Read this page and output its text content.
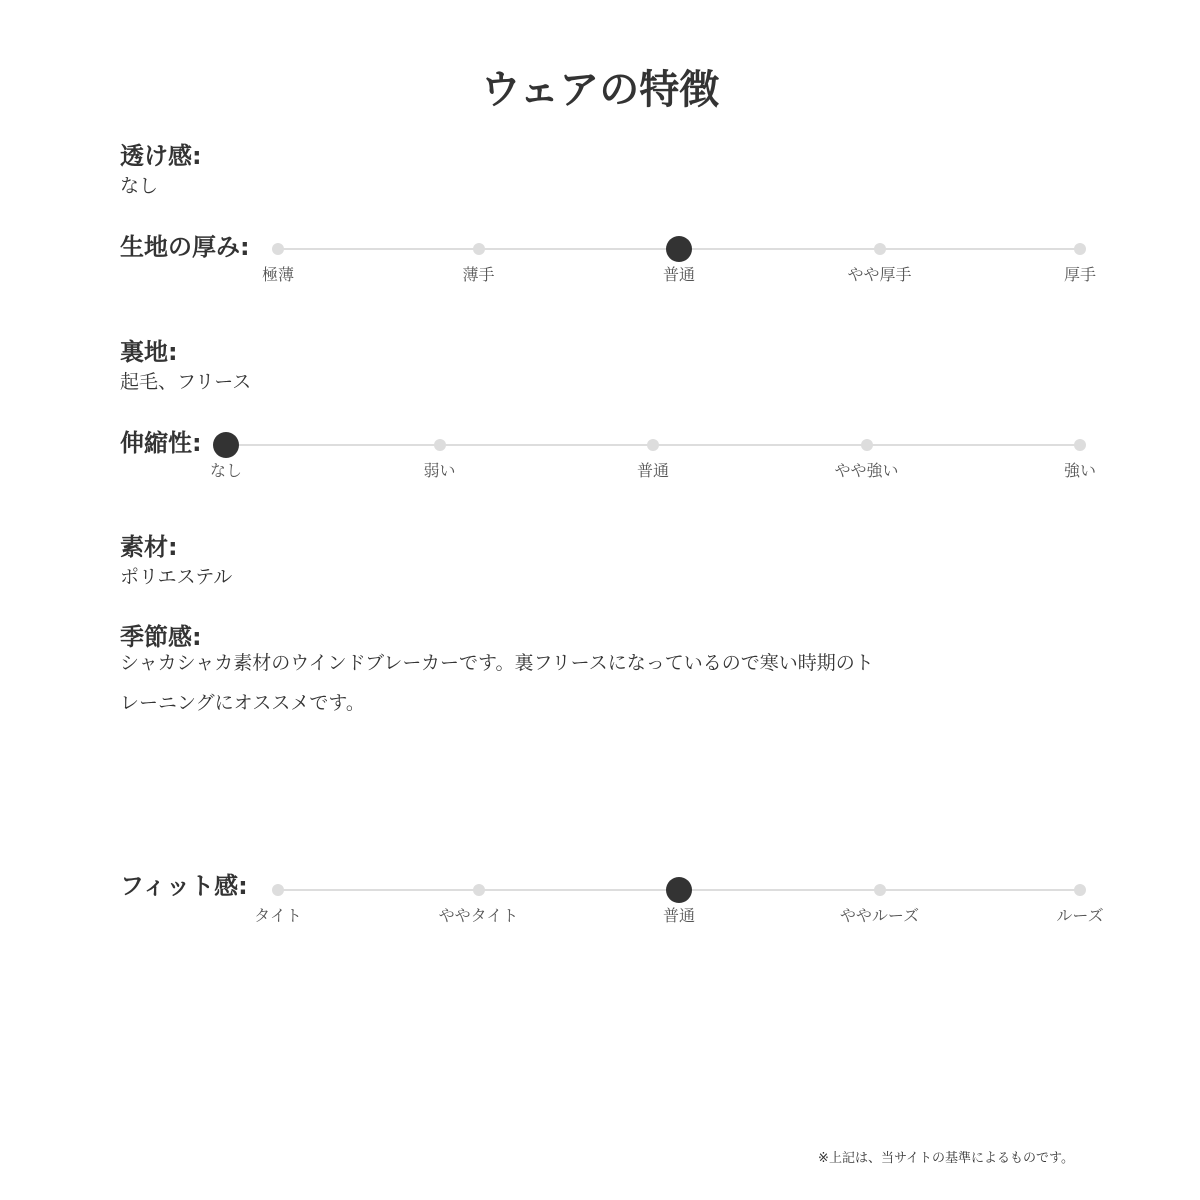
ウェアの特徴
透け感:
なし
生地の厚み:
極薄	薄手	普通	やや厚手	厚手
裏地:
起毛、フリース
伸縮性:
なし	弱い	普通	やや強い	強い
素材:
ポリエステル
季節感:
シャカシャカ素材のウインドブレーカーです。裏フリースになっているので寒い時期のトレーニングにオススメです。
フィット感:
タイト	ややタイト	普通	ややルーズ	ルーズ
※上記は、当サイトの基準によるものです。
